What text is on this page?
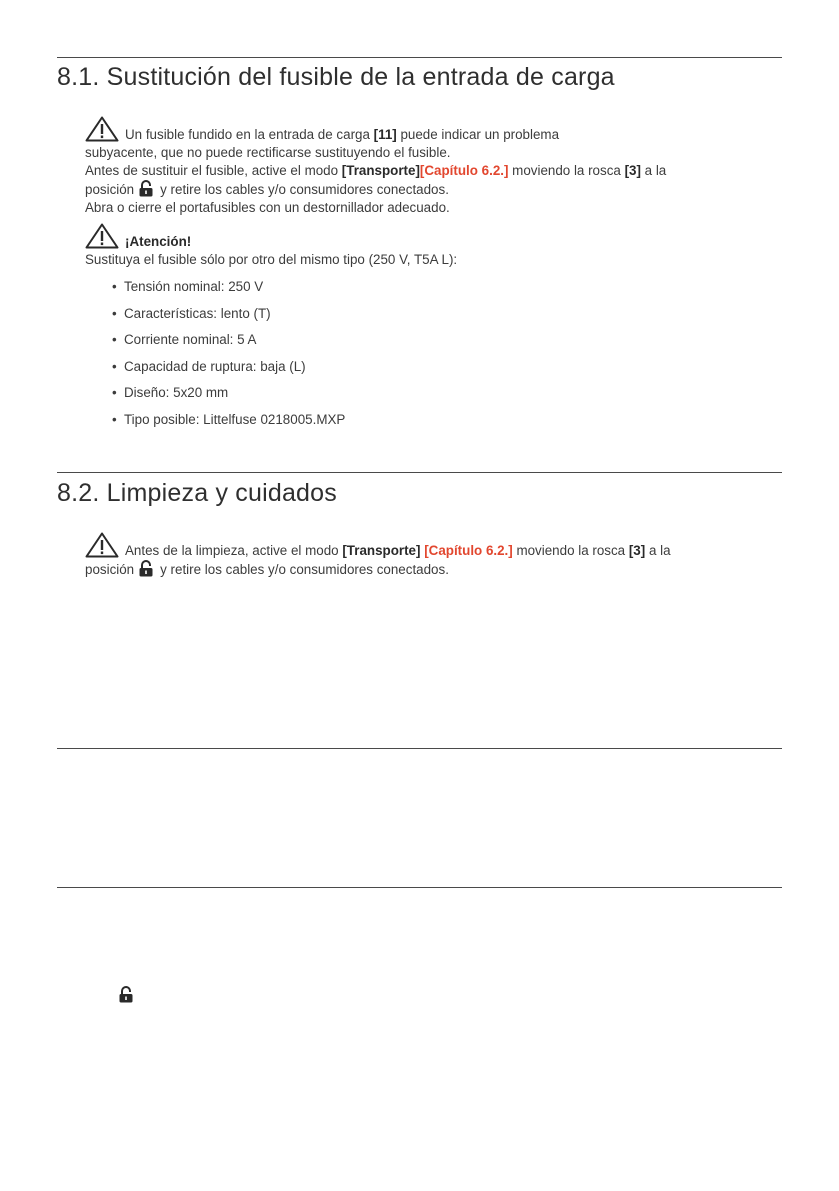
8.1. Sustitución del fusible de la entrada de carga
Un fusible fundido en la entrada de carga [11] puede indicar un problema
subyacente, que no puede rectificarse sustituyendo el fusible.
Antes de sustituir el fusible, active el modo [Transporte][Capítulo 6.2.] moviendo la rosca [3] a la
posición y retire los cables y/o consumidores conectados.
Abra o cierre el portafusibles con un destornillador adecuado.
¡Atención!
Sustituya el fusible sólo por otro del mismo tipo (250 V, T5A L):
• Tensión nominal: 250 V
• Características: lento (T)
• Corriente nominal: 5 A
• Capacidad de ruptura: baja (L)
• Diseño: 5x20 mm
• Tipo posible: Littelfuse 0218005.MXP
8.2. Limpieza y cuidados
Antes de la limpieza, active el modo [Transporte] [Capítulo 6.2.] moviendo la rosca [3] a la
posición y retire los cables y/o consumidores conectados.
